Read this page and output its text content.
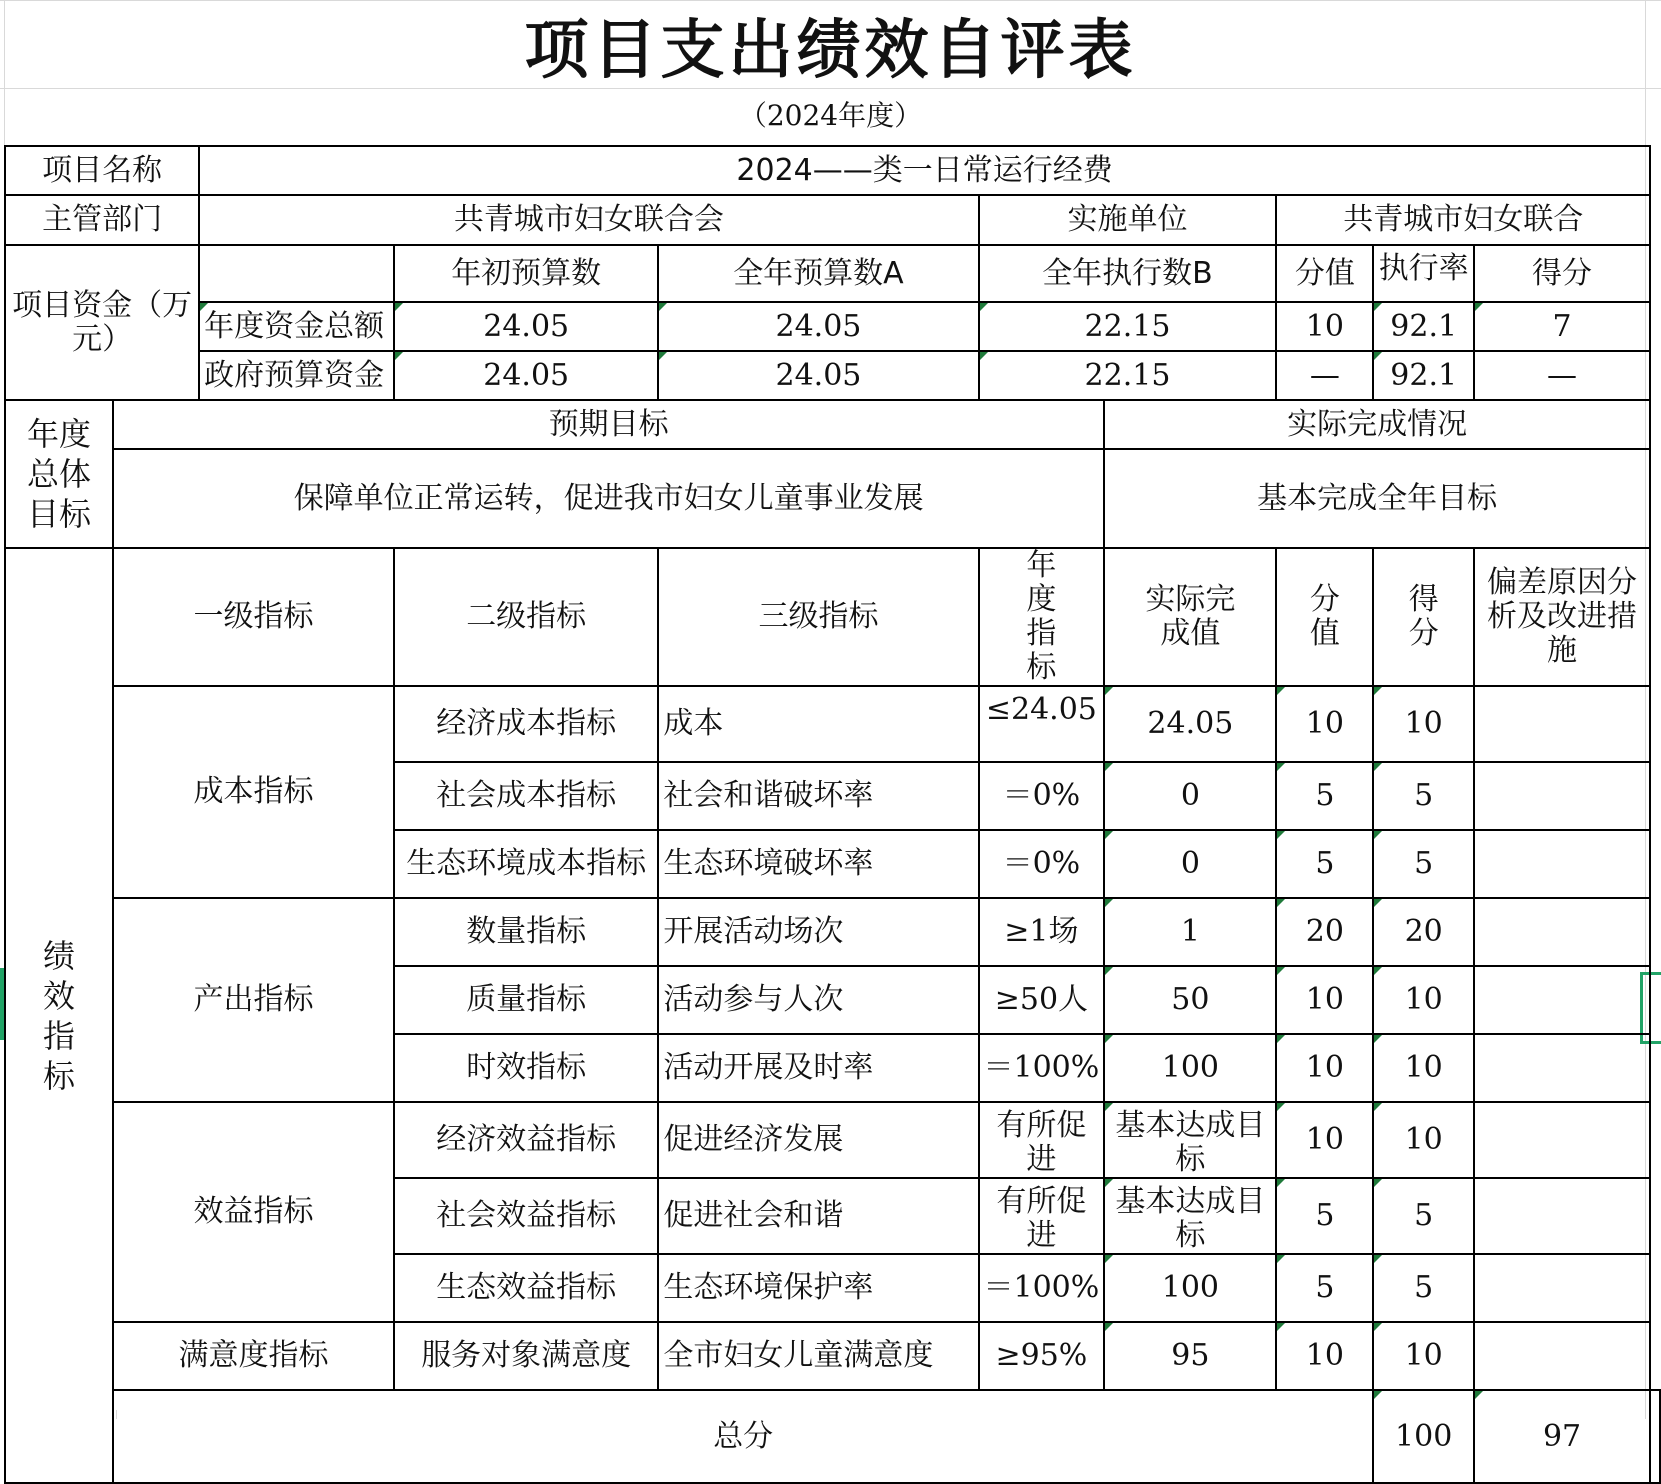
项目支出绩效自评表
（2024年度）
项目名称		2024——类一日常运行经费								
主管部门		共青城市妇女联合会			实施单位		共青城市妇女联合			
项目资金（万元）			年初预算数	全年预算数A	全年执行数B		分值	执行率	得分	
		年度资金总额	24.05	24.05	22.15		10	92.1	7	
		政府预算资金	24.05	24.05	22.15		—	92.1	—	
年度总体目标	预期目标					实际完成情况				
	保障单位正常运转，促进我市妇女儿童事业发展					基本完成全年目标				
绩效指标	一级指标		二级指标	三级指标	年度指标	实际完成值	分值	得分	偏差原因分析及改进措施	
	成本指标		经济成本指标	成本	≤24.05	24.05	10	10		
			社会成本指标	社会和谐破坏率	＝0%	0	5	5		
			生态环境成本指标	生态环境破坏率	＝0%	0	5	5		
	产出指标		数量指标	开展活动场次	≥1场	1	20	20		
			质量指标	活动参与人次	≥50人	50	10	10		
			时效指标	活动开展及时率	＝100%	100	10	10		
	效益指标		经济效益指标	促进经济发展	有所促进	基本达成目标	10	10		
			社会效益指标	促进社会和谐	有所促进	基本达成目标	5	5		
			生态效益指标	生态环境保护率	＝100%	100	5	5		
	满意度指标		服务对象满意度	全市妇女儿童满意度	≥95%	95	10	10		
	总分							100	97	
